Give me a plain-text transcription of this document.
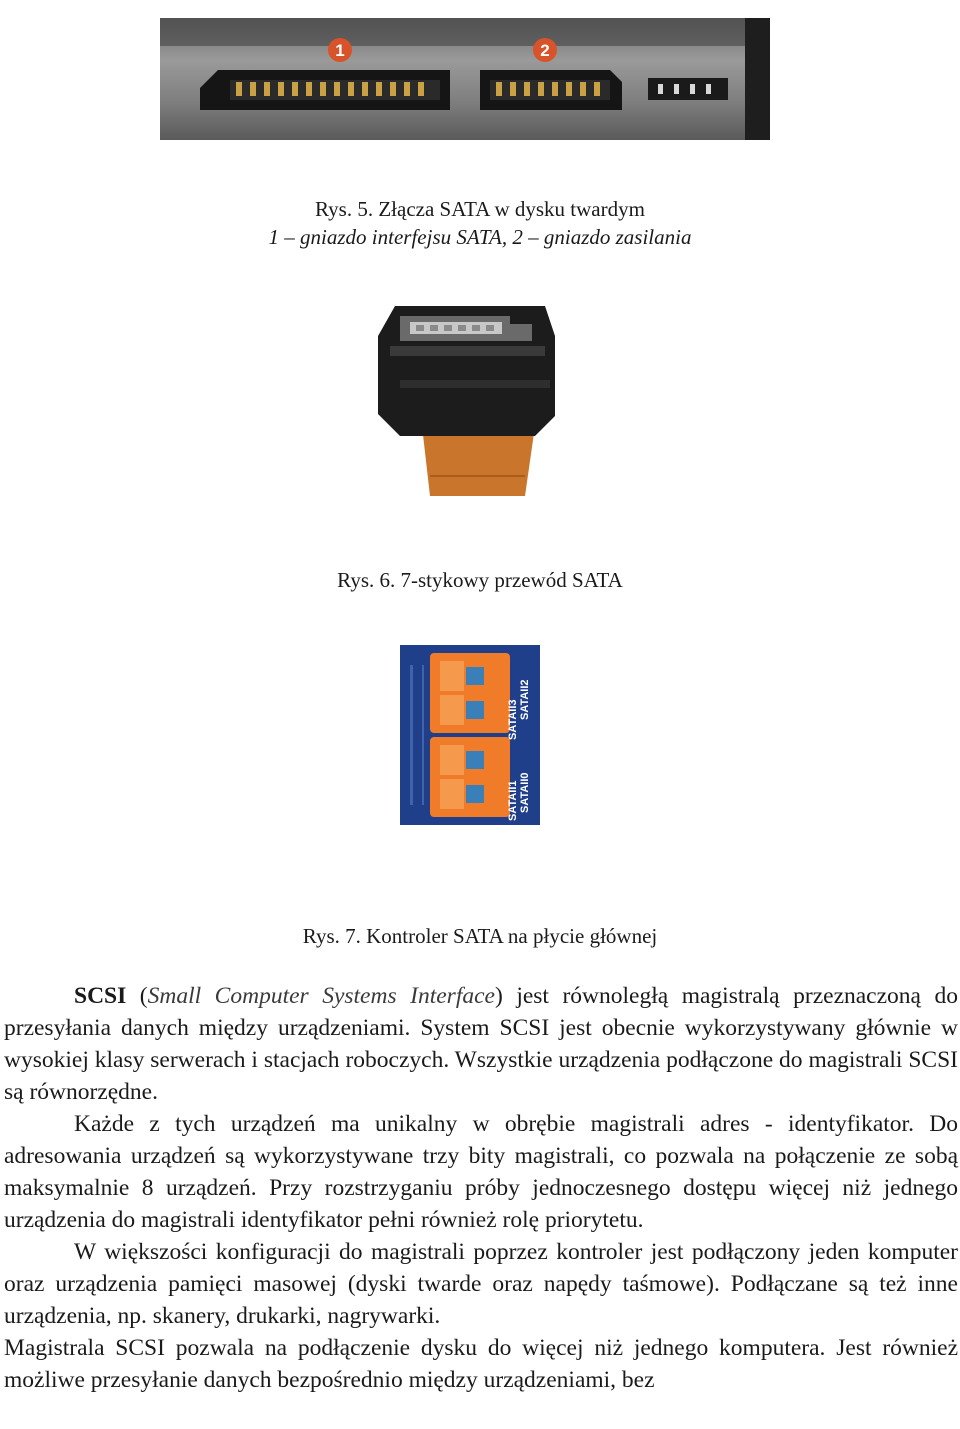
1	2
Rys. 5. Złącza SATA w dysku twardym
1 – gniazdo interfejsu SATA, 2 – gniazdo zasilania
Rys. 6. 7-stykowy przewód SATA
SATAII2
SATAII3
SATAII0
SATAII1
Rys. 7. Kontroler SATA na płycie głównej

SCSI (Small Computer Systems Interface) jest równoległą magistralą przeznaczoną do przesyłania danych między urządzeniami. System SCSI jest obecnie wykorzystywany głównie w wysokiej klasy serwerach i stacjach roboczych. Wszystkie urządzenia podłączone do magistrali SCSI są równorzędne.

Każde z tych urządzeń ma unikalny w obrębie magistrali adres - identyfikator. Do adresowania urządzeń są wykorzystywane trzy bity magistrali, co pozwala na połączenie ze sobą maksymalnie 8 urządzeń. Przy rozstrzyganiu próby jednoczesnego dostępu więcej niż jednego urządzenia do magistrali identyfikator pełni również rolę priorytetu.

W większości konfiguracji do magistrali poprzez kontroler jest podłączony jeden komputer oraz urządzenia pamięci masowej (dyski twarde oraz napędy taśmowe). Podłączane są też inne urządzenia, np. skanery, drukarki, nagrywarki.

Magistrala SCSI pozwala na podłączenie dysku do więcej niż jednego komputera. Jest również możliwe przesyłanie danych bezpośrednio między urządzeniami, bez
